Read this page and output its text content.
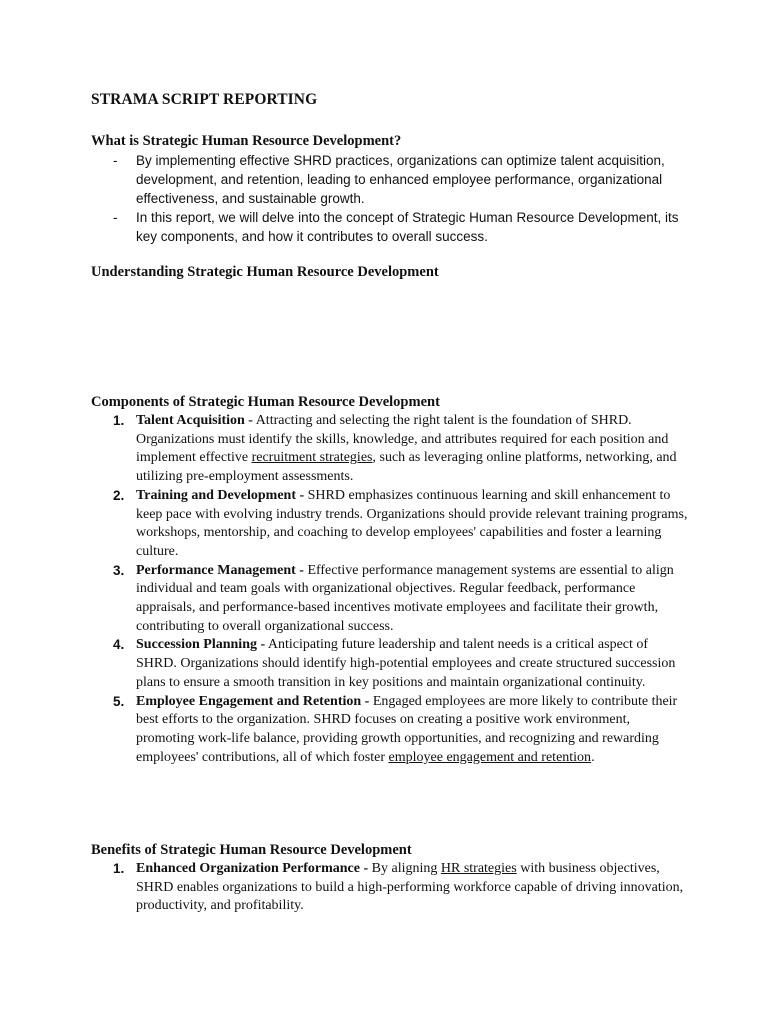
STRAMA SCRIPT REPORTING
What is Strategic Human Resource Development?
- By implementing effective SHRD practices, organizations can optimize talent acquisition, development, and retention, leading to enhanced employee performance, organizational effectiveness, and sustainable growth.
- In this report, we will delve into the concept of Strategic Human Resource Development, its key components, and how it contributes to overall success.
Understanding Strategic Human Resource Development
Components of Strategic Human Resource Development
1. Talent Acquisition - Attracting and selecting the right talent is the foundation of SHRD. Organizations must identify the skills, knowledge, and attributes required for each position and implement effective recruitment strategies, such as leveraging online platforms, networking, and utilizing pre-employment assessments.
2. Training and Development - SHRD emphasizes continuous learning and skill enhancement to keep pace with evolving industry trends. Organizations should provide relevant training programs, workshops, mentorship, and coaching to develop employees' capabilities and foster a learning culture.
3. Performance Management - Effective performance management systems are essential to align individual and team goals with organizational objectives. Regular feedback, performance appraisals, and performance-based incentives motivate employees and facilitate their growth, contributing to overall organizational success.
4. Succession Planning - Anticipating future leadership and talent needs is a critical aspect of SHRD. Organizations should identify high-potential employees and create structured succession plans to ensure a smooth transition in key positions and maintain organizational continuity.
5. Employee Engagement and Retention - Engaged employees are more likely to contribute their best efforts to the organization. SHRD focuses on creating a positive work environment, promoting work-life balance, providing growth opportunities, and recognizing and rewarding employees' contributions, all of which foster employee engagement and retention.
Benefits of Strategic Human Resource Development
1. Enhanced Organization Performance - By aligning HR strategies with business objectives, SHRD enables organizations to build a high-performing workforce capable of driving innovation, productivity, and profitability.
